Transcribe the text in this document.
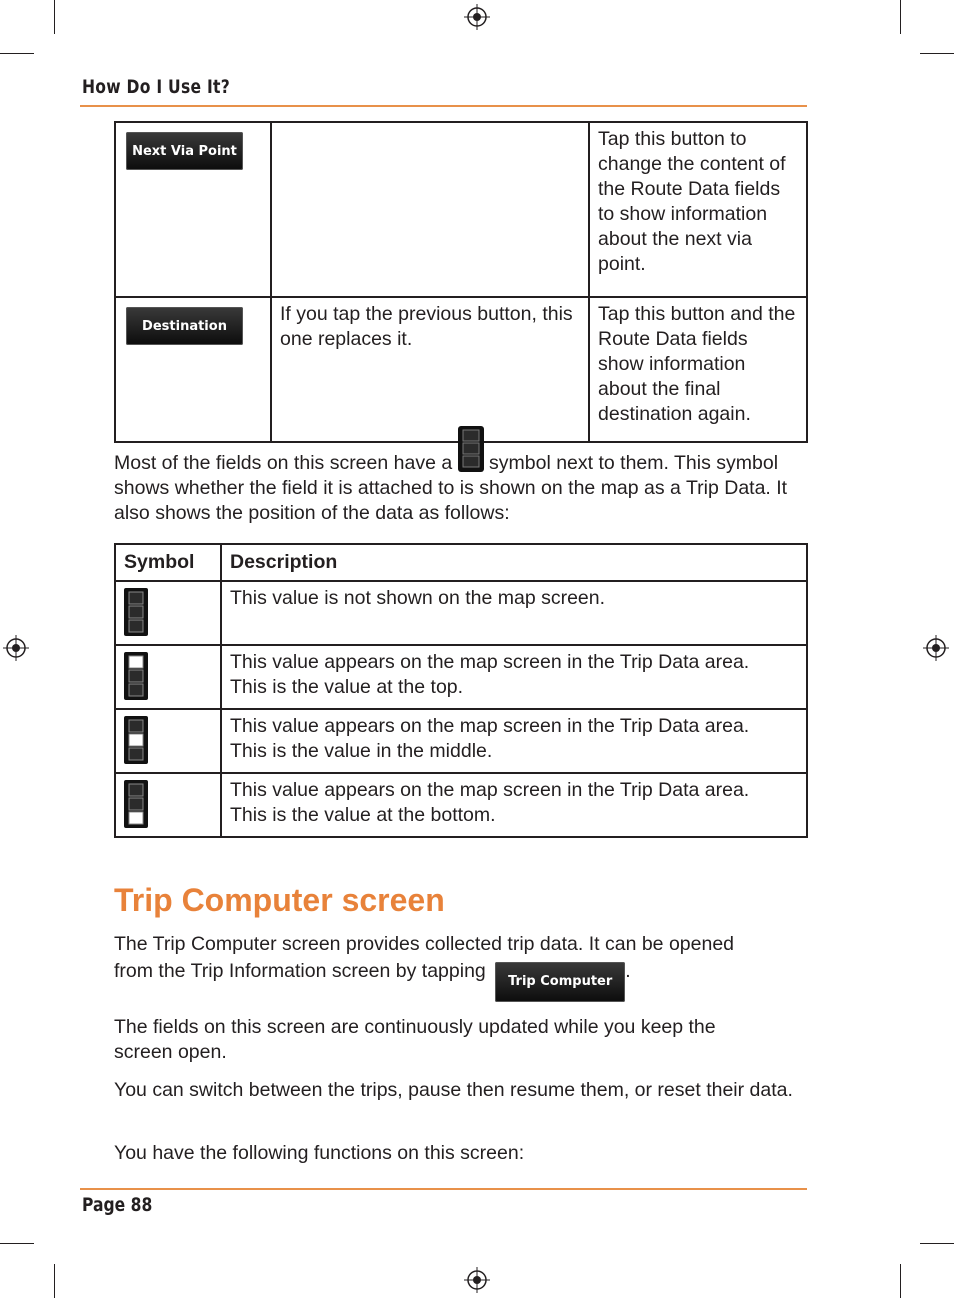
How Do I Use It?
Next Via Point		Tap this button to change the content of the Route Data fields to show information about the next via point.

Destination	If you tap the previous button, this one replaces it.	Tap this button and the Route Data fields show information about the final destination again.

Most of the fields on this screen have a symbol next to them. This symbol shows whether the field it is attached to is shown on the map as a Trip Data. It also shows the position of the data as follows:

Symbol	Description

This value is not shown on the map screen.

This value appears on the map screen in the Trip Data area.
This is the value at the top.

This value appears on the map screen in the Trip Data area.
This is the value in the middle.

This value appears on the map screen in the Trip Data area.
This is the value at the bottom.
Trip Computer screen
The Trip Computer screen provides collected trip data. It can be opened
from the Trip Information screen by tapping Trip Computer .

The fields on this screen are continuously updated while you keep the screen open.

You can switch between the trips, pause then resume them, or reset their data.

You have the following functions on this screen:

Page 88
